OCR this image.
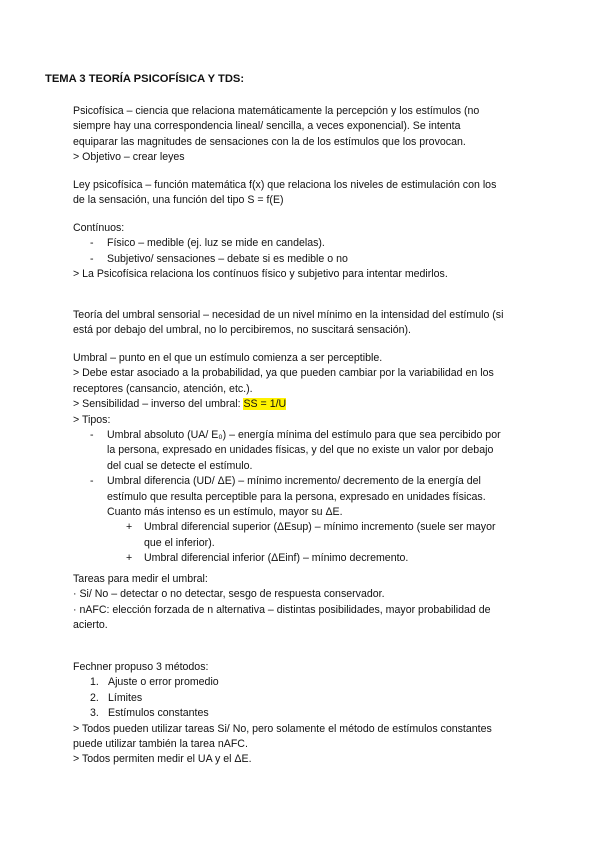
TEMA 3 TEORÍA PSICOFÍSICA Y TDS:
Psicofísica – ciencia que relaciona matemáticamente la percepción y los estímulos (no
siempre hay una correspondencia lineal/ sencilla, a veces exponencial). Se intenta
equiparar las magnitudes de sensaciones con la de los estímulos que los provocan.
> Objetivo – crear leyes
Ley psicofísica – función matemática f(x) que relaciona los niveles de estimulación con los
de la sensación, una función del tipo S = f(E)
Contínuos:
- Físico – medible (ej. luz se mide en candelas).
- Subjetivo/ sensaciones – debate si es medible o no
> La Psicofísica relaciona los contínuos físico y subjetivo para intentar medirlos.
Teoría del umbral sensorial – necesidad de un nivel mínimo en la intensidad del estímulo (si
está por debajo del umbral, no lo percibiremos, no suscitará sensación).
Umbral – punto en el que un estímulo comienza a ser perceptible.
> Debe estar asociado a la probabilidad, ya que pueden cambiar por la variabilidad en los
receptores (cansancio, atención, etc.).
> Sensibilidad – inverso del umbral: SS = 1/U
> Tipos:
- Umbral absoluto (UA/ E₀) – energía mínima del estímulo para que sea percibido por
la persona, expresado en unidades físicas, y del que no existe un valor por debajo
del cual se detecte el estímulo.
- Umbral diferencia (UD/ ΔE) – mínimo incremento/ decremento de la energía del
estímulo que resulta perceptible para la persona, expresado en unidades físicas.
Cuanto más intenso es un estímulo, mayor su ΔE.
+ Umbral diferencial superior (ΔEsup) – mínimo incremento (suele ser mayor
que el inferior).
+ Umbral diferencial inferior (ΔEinf) – mínimo decremento.
Tareas para medir el umbral:
· Si/ No – detectar o no detectar, sesgo de respuesta conservador.
· nAFC: elección forzada de n alternativa – distintas posibilidades, mayor probabilidad de
acierto.
Fechner propuso 3 métodos:
1. Ajuste o error promedio
2. Límites
3. Estímulos constantes
> Todos pueden utilizar tareas Si/ No, pero solamente el método de estímulos constantes
puede utilizar también la tarea nAFC.
> Todos permiten medir el UA y el ΔE.
